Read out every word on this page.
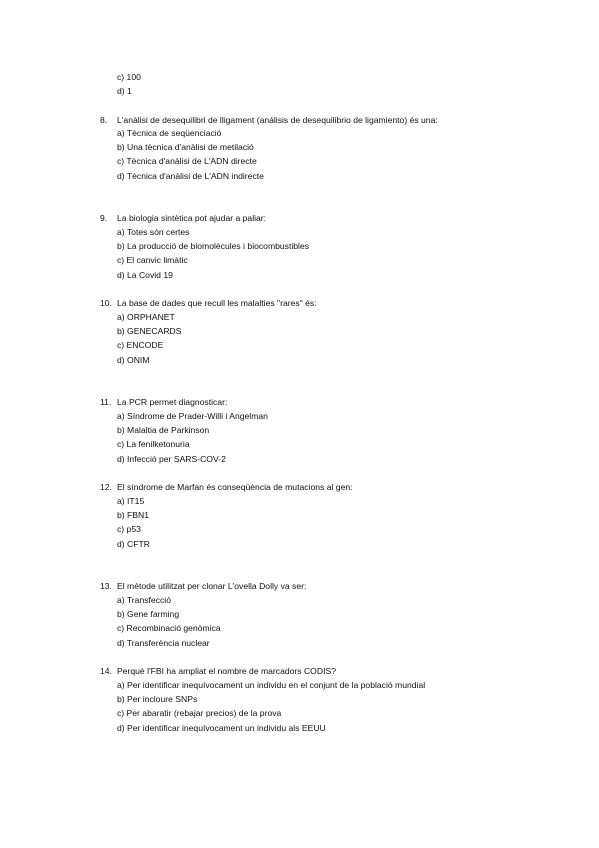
c) 100
d) 1
8. L'anàlisi de desequilibri de lligament (análisis de desequilibrio de ligamiento) és una:
a) Tècnica de seqüenciació
b) Una tècnica d'anàlisi de metilació
c) Tècnica d'anàlisi de L'ADN directe
d) Tècnica d'anàlisi de L'ADN indirecte
9. La biologia sintètica pot ajudar a paliar:
a) Totes són certes
b) La producció de biomolècules i biocombustibles
c) El canvic limàtic
d) La Covid 19
10. La base de dades que recull les malalties "rares" és:
a) ORPHANET
b) GENECARDS
c) ENCODE
d) ONIM
11. La PCR permet diagnosticar:
a) Síndrome de Prader-Willi i Angelman
b) Malaltia de Parkinson
c) La fenilketonuria
d) Infecció per SARS-COV-2
12. El síndrome de Marfan és conseqüència de mutacions al gen:
a) IT15
b) FBN1
c) p53
d) CFTR
13. El mètode utilitzat per clonar L'ovella Dolly va ser:
a) Transfecció
b) Gene farming
c) Recombinació genòmica
d) Transferència nuclear
14. Perquè l'FBI ha ampliat el nombre de marcadors CODIS?
a) Per identificar inequívocament un individu en el conjunt de la població mundial
b) Per incloure SNPs
c) Per abaratir (rebajar precios) de la prova
d) Per identificar inequívocament un individu als EEUU
